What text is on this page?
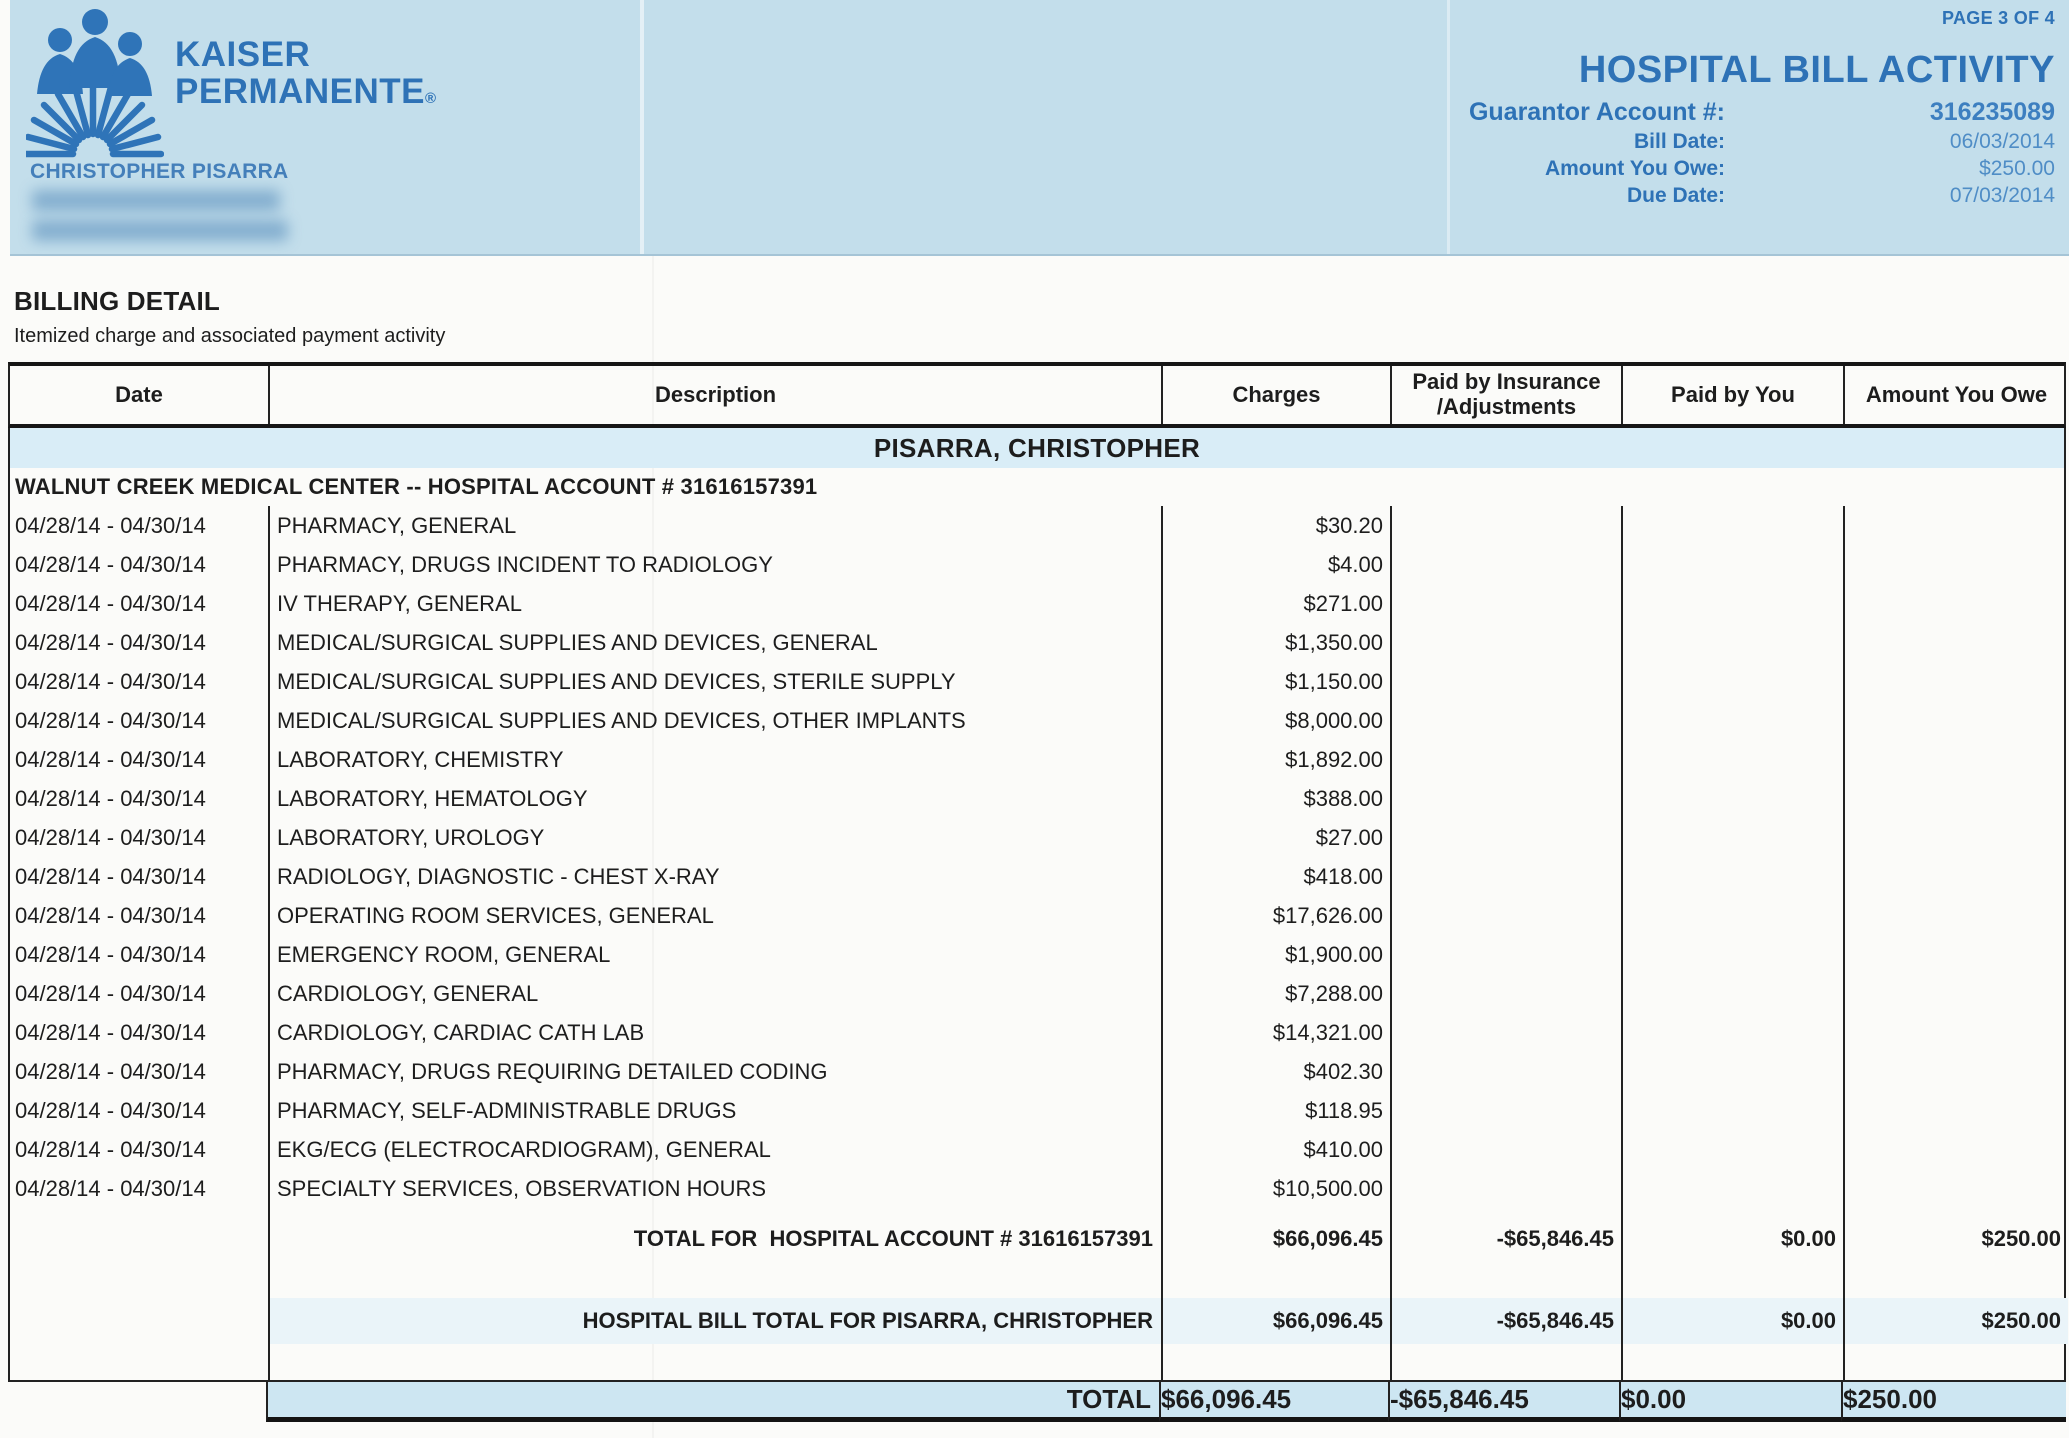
KAISER
PERMANENTE®
CHRISTOPHER PISARRA
PAGE 3 OF 4
HOSPITAL BILL ACTIVITY
Guarantor Account #:	316235089
Bill Date:	06/03/2014
Amount You Owe:	$250.00
Due Date:	07/03/2014
BILLING DETAIL
Itemized charge and associated payment activity
Date	Description	Charges	Paid by Insurance
/Adjustments	Paid by You	Amount You Owe
PISARRA, CHRISTOPHER
WALNUT CREEK MEDICAL CENTER -- HOSPITAL ACCOUNT # 31616157391
04/28/14 - 04/30/14	PHARMACY, GENERAL	$30.20
04/28/14 - 04/30/14	PHARMACY, DRUGS INCIDENT TO RADIOLOGY	$4.00
04/28/14 - 04/30/14	IV THERAPY, GENERAL	$271.00
04/28/14 - 04/30/14	MEDICAL/SURGICAL SUPPLIES AND DEVICES, GENERAL	$1,350.00
04/28/14 - 04/30/14	MEDICAL/SURGICAL SUPPLIES AND DEVICES, STERILE SUPPLY	$1,150.00
04/28/14 - 04/30/14	MEDICAL/SURGICAL SUPPLIES AND DEVICES, OTHER IMPLANTS	$8,000.00
04/28/14 - 04/30/14	LABORATORY, CHEMISTRY	$1,892.00
04/28/14 - 04/30/14	LABORATORY, HEMATOLOGY	$388.00
04/28/14 - 04/30/14	LABORATORY, UROLOGY	$27.00
04/28/14 - 04/30/14	RADIOLOGY, DIAGNOSTIC - CHEST X-RAY	$418.00
04/28/14 - 04/30/14	OPERATING ROOM SERVICES, GENERAL	$17,626.00
04/28/14 - 04/30/14	EMERGENCY ROOM, GENERAL	$1,900.00
04/28/14 - 04/30/14	CARDIOLOGY, GENERAL	$7,288.00
04/28/14 - 04/30/14	CARDIOLOGY, CARDIAC CATH LAB	$14,321.00
04/28/14 - 04/30/14	PHARMACY, DRUGS REQUIRING DETAILED CODING	$402.30
04/28/14 - 04/30/14	PHARMACY, SELF-ADMINISTRABLE DRUGS	$118.95
04/28/14 - 04/30/14	EKG/ECG (ELECTROCARDIOGRAM), GENERAL	$410.00
04/28/14 - 04/30/14	SPECIALTY SERVICES, OBSERVATION HOURS	$10,500.00
TOTAL FOR  HOSPITAL ACCOUNT # 31616157391	$66,096.45	-$65,846.45	$0.00	$250.00
HOSPITAL BILL TOTAL FOR PISARRA, CHRISTOPHER	$66,096.45	-$65,846.45	$0.00	$250.00
TOTAL $66,096.45	-$65,846.45	$0.00	$250.00
